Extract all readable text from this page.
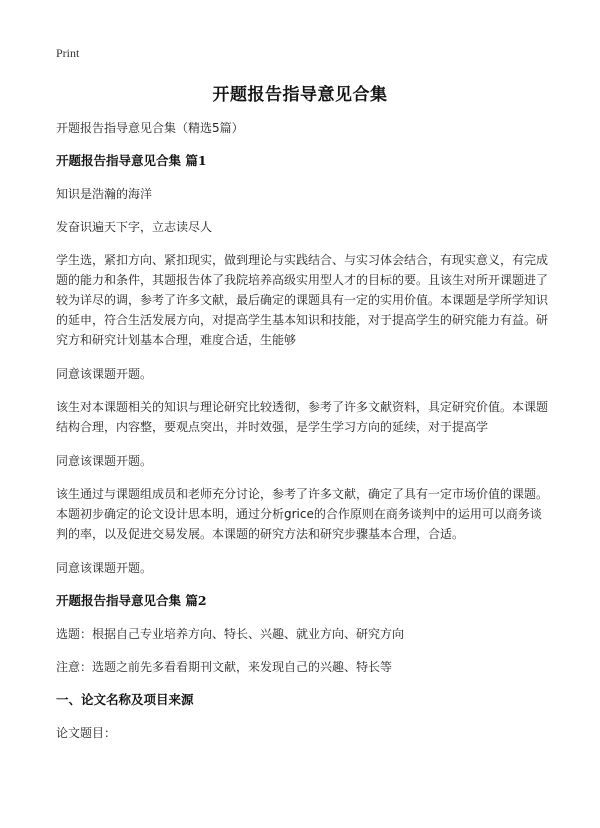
Print
开题报告指导意见合集

开题报告指导意见合集（精选5篇）

开题报告指导意见合集 篇1

知识是浩瀚的海洋

发奋识遍天下字，立志读尽人

学生选，紧扣方向、紧扣现实，做到理论与实践结合、与实习体会结合，有现实意义，有完成题的能力和条件，其题报告体了我院培养高级实用型人才的目标的要。且该生对所开课题进了较为详尽的调，参考了许多文献，最后确定的课题具有一定的实用价值。本课题是学所学知识的延申，符合生活发展方向，对提高学生基本知识和技能，对于提高学生的研究能力有益。研究方和研究计划基本合理，难度合适，生能够

同意该课题开题。

该生对本课题相关的知识与理论研究比较透彻，参考了许多文献资料，具定研究价值。本课题结构合理，内容整，要观点突出，并时效强，是学生学习方向的延续，对于提高学

同意该课题开题。

该生通过与课题组成员和老师充分讨论，参考了许多文献，确定了具有一定市场价值的课题。本题初步确定的论文设计思本明，通过分析grice的合作原则在商务谈判中的运用可以商务谈判的率，以及促进交易发展。本课题的研究方法和研究步骤基本合理，合适。

同意该课题开题。

开题报告指导意见合集 篇2

选题：根据自己专业培养方向、特长、兴趣、就业方向、研究方向

注意：选题之前先多看看期刊文献，来发现自己的兴趣、特长等

一、论文名称及项目来源

论文题目：
